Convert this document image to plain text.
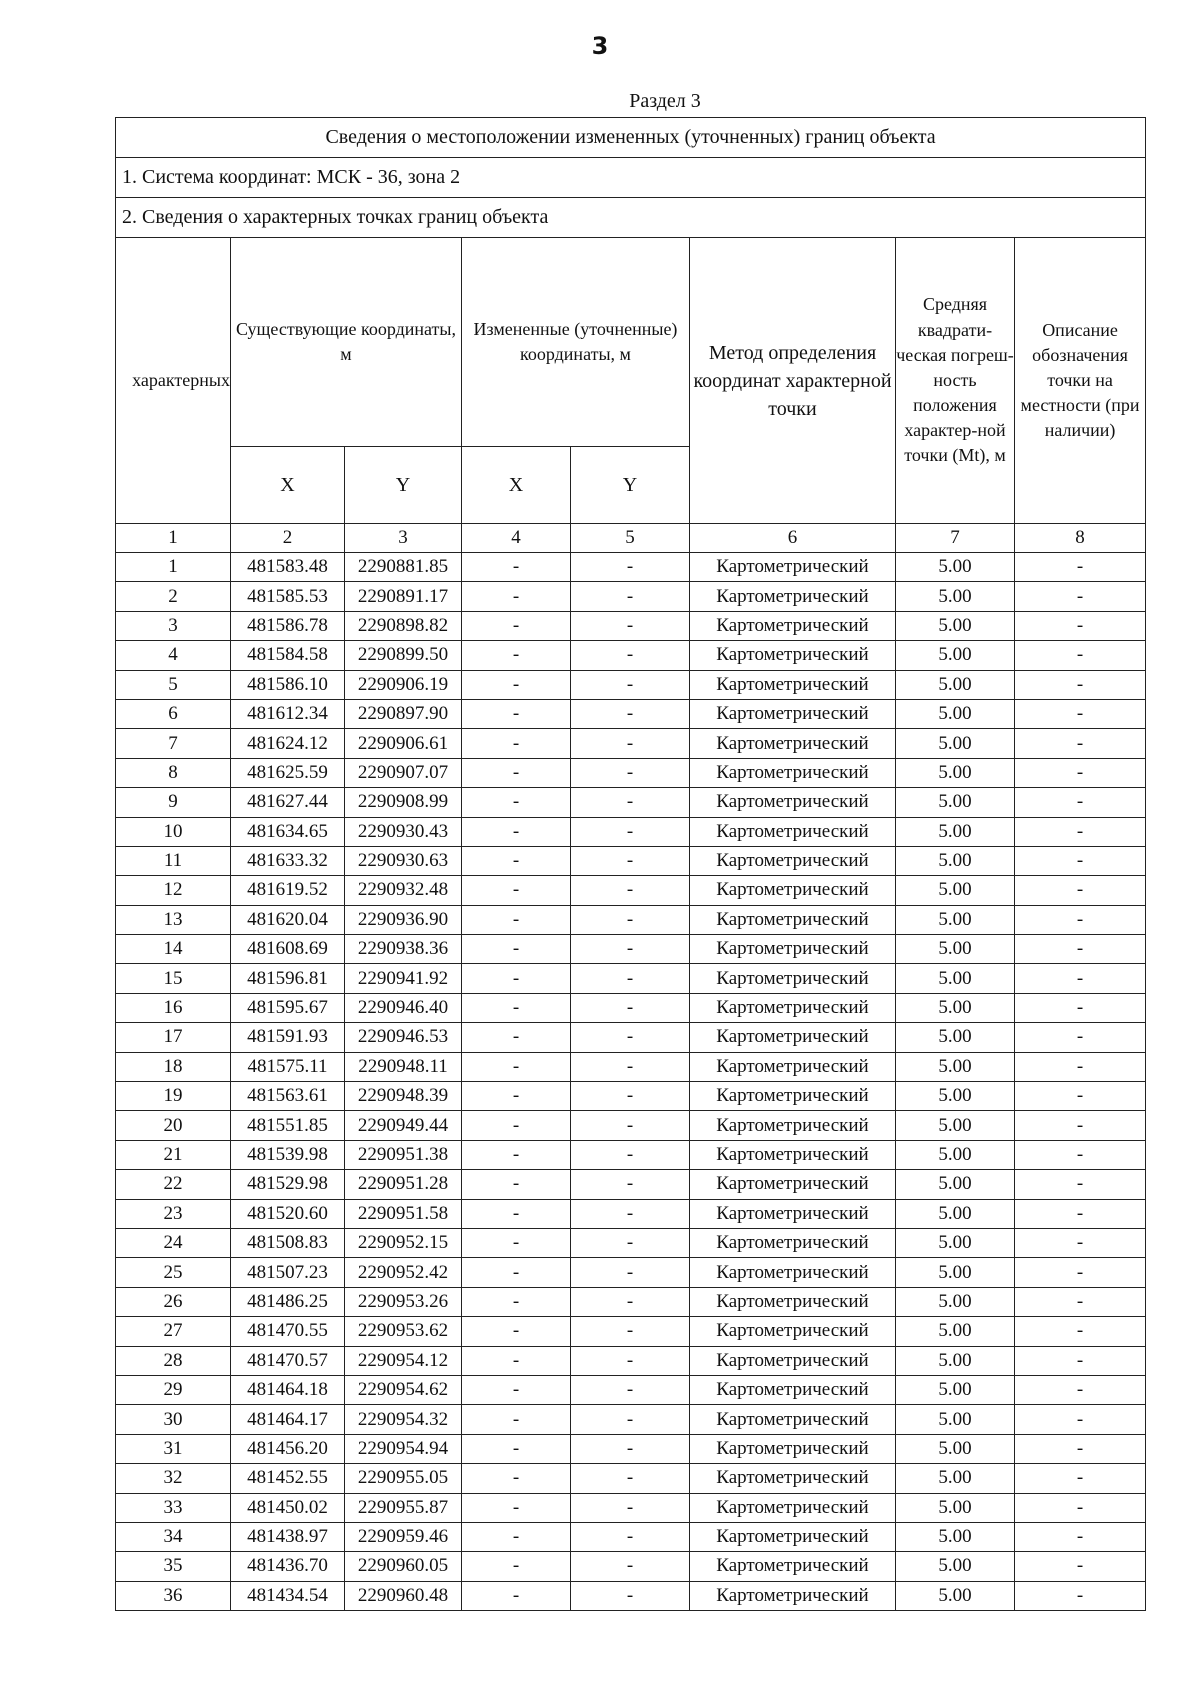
3
Раздел 3
Сведения о местоположении измененных (уточненных) границ объекта							
1. Система координат: МСК - 36, зона 2							
2. Сведения о характерных точках границ объекта							

характерных	Существующие координаты, м		Измененные (уточненные) координаты, м		Метод определения координат характерной точки	Средняя квадрати-ческая погреш-ность положения характер-ной точки (Mt), м	Описание обозначения точки на местности (при наличии)
	X	Y	X	Y			
1	2	3	4	5	6	7	8
1	481583.48	2290881.85	-	-	Картометрический	5.00	-
2	481585.53	2290891.17	-	-	Картометрический	5.00	-
3	481586.78	2290898.82	-	-	Картометрический	5.00	-
4	481584.58	2290899.50	-	-	Картометрический	5.00	-
5	481586.10	2290906.19	-	-	Картометрический	5.00	-
6	481612.34	2290897.90	-	-	Картометрический	5.00	-
7	481624.12	2290906.61	-	-	Картометрический	5.00	-
8	481625.59	2290907.07	-	-	Картометрический	5.00	-
9	481627.44	2290908.99	-	-	Картометрический	5.00	-
10	481634.65	2290930.43	-	-	Картометрический	5.00	-
11	481633.32	2290930.63	-	-	Картометрический	5.00	-
12	481619.52	2290932.48	-	-	Картометрический	5.00	-
13	481620.04	2290936.90	-	-	Картометрический	5.00	-
14	481608.69	2290938.36	-	-	Картометрический	5.00	-
15	481596.81	2290941.92	-	-	Картометрический	5.00	-
16	481595.67	2290946.40	-	-	Картометрический	5.00	-
17	481591.93	2290946.53	-	-	Картометрический	5.00	-
18	481575.11	2290948.11	-	-	Картометрический	5.00	-
19	481563.61	2290948.39	-	-	Картометрический	5.00	-
20	481551.85	2290949.44	-	-	Картометрический	5.00	-
21	481539.98	2290951.38	-	-	Картометрический	5.00	-
22	481529.98	2290951.28	-	-	Картометрический	5.00	-
23	481520.60	2290951.58	-	-	Картометрический	5.00	-
24	481508.83	2290952.15	-	-	Картометрический	5.00	-
25	481507.23	2290952.42	-	-	Картометрический	5.00	-
26	481486.25	2290953.26	-	-	Картометрический	5.00	-
27	481470.55	2290953.62	-	-	Картометрический	5.00	-
28	481470.57	2290954.12	-	-	Картометрический	5.00	-
29	481464.18	2290954.62	-	-	Картометрический	5.00	-
30	481464.17	2290954.32	-	-	Картометрический	5.00	-
31	481456.20	2290954.94	-	-	Картометрический	5.00	-
32	481452.55	2290955.05	-	-	Картометрический	5.00	-
33	481450.02	2290955.87	-	-	Картометрический	5.00	-
34	481438.97	2290959.46	-	-	Картометрический	5.00	-
35	481436.70	2290960.05	-	-	Картометрический	5.00	-
36	481434.54	2290960.48	-	-	Картометрический	5.00	-
